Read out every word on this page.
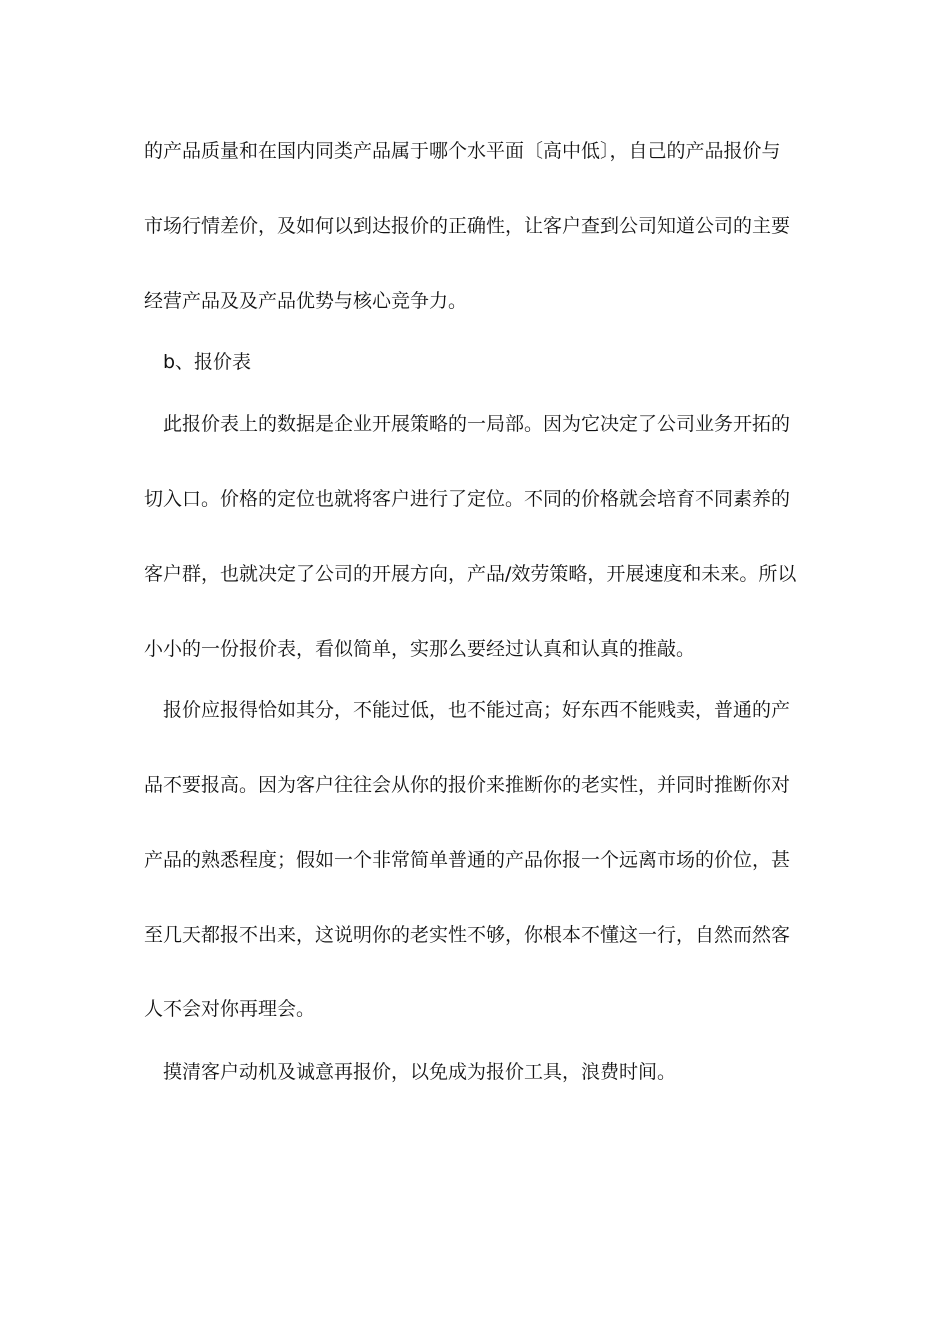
的产品质量和在国内同类产品属于哪个水平面〔高中低〕，自己的产品报价与
市场行情差价，及如何以到达报价的正确性，让客户查到公司知道公司的主要
经营产品及及产品优势与核心竞争力。
b、报价表
此报价表上的数据是企业开展策略的一局部。因为它决定了公司业务开拓的
切入口。价格的定位也就将客户进行了定位。不同的价格就会培育不同素养的
客户群，也就决定了公司的开展方向，产品/效劳策略，开展速度和未来。所以
小小的一份报价表，看似简单，实那么要经过认真和认真的推敲。
报价应报得恰如其分，不能过低，也不能过高；好东西不能贱卖，普通的产
品不要报高。因为客户往往会从你的报价来推断你的老实性，并同时推断你对
产品的熟悉程度；假如一个非常简单普通的产品你报一个远离市场的价位，甚
至几天都报不出来，这说明你的老实性不够，你根本不懂这一行，自然而然客
人不会对你再理会。
摸清客户动机及诚意再报价，以免成为报价工具，浪费时间。
